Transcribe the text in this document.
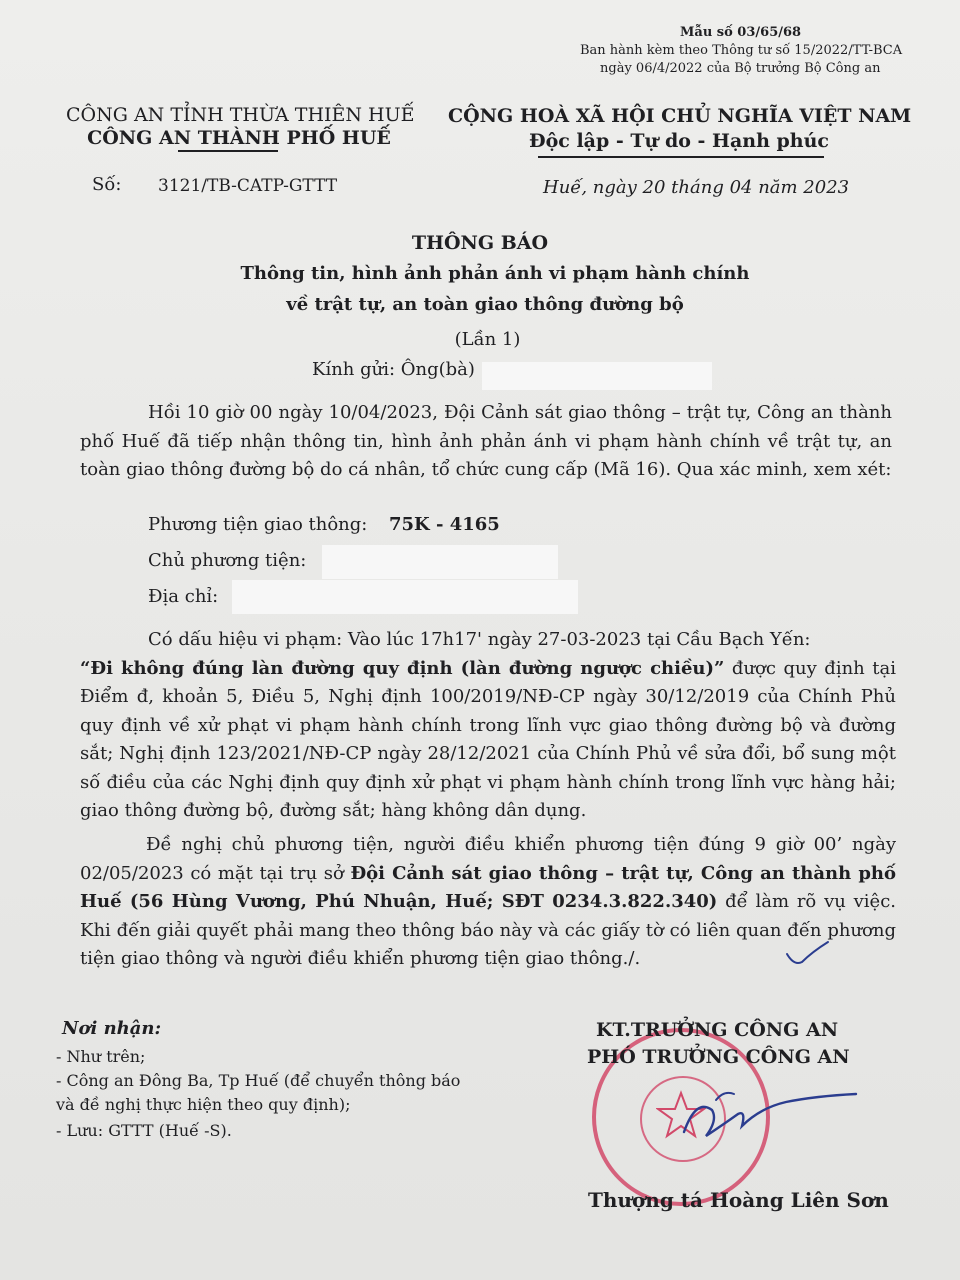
Mẫu số 03/65/68
Ban hành kèm theo Thông tư số 15/2022/TT-BCA
ngày 06/4/2022 của Bộ trưởng Bộ Công an
CÔNG AN TỈNH THỪA THIÊN HUẾ
CÔNG AN THÀNH PHỐ HUẾ
Số: 3121/TB-CATP-GTTT
CỘNG HOÀ XÃ HỘI CHỦ NGHĨA VIỆT NAM
Độc lập - Tự do - Hạnh phúc
Huế, ngày 20 tháng 04 năm 2023
THÔNG BÁO
Thông tin, hình ảnh phản ánh vi phạm hành chính
về trật tự, an toàn giao thông đường bộ
(Lần 1)
Kính gửi: Ông(bà)
Hồi 10 giờ 00 ngày 10/04/2023, Đội Cảnh sát giao thông – trật tự, Công an thành phố Huế đã tiếp nhận thông tin, hình ảnh phản ánh vi phạm hành chính về trật tự, an toàn giao thông đường bộ do cá nhân, tổ chức cung cấp (Mã 16). Qua xác minh, xem xét:
Phương tiện giao thông: 75K - 4165
Chủ phương tiện:
Địa chỉ:
Có dấu hiệu vi phạm: Vào lúc 17h17' ngày 27-03-2023 tại Cầu Bạch Yến:
“Đi không đúng làn đường quy định (làn đường ngược chiều)” được quy định tại Điểm đ, khoản 5, Điều 5, Nghị định 100/2019/NĐ-CP ngày 30/12/2019 của Chính Phủ quy định về xử phạt vi phạm hành chính trong lĩnh vực giao thông đường bộ và đường sắt; Nghị định 123/2021/NĐ-CP ngày 28/12/2021 của Chính Phủ về sửa đổi, bổ sung một số điều của các Nghị định quy định xử phạt vi phạm hành chính trong lĩnh vực hàng hải; giao thông đường bộ, đường sắt; hàng không dân dụng.
Đề nghị chủ phương tiện, người điều khiển phương tiện đúng 9 giờ 00’ ngày 02/05/2023 có mặt tại trụ sở Đội Cảnh sát giao thông – trật tự, Công an thành phố Huế (56 Hùng Vương, Phú Nhuận, Huế; SĐT 0234.3.822.340) để làm rõ vụ việc. Khi đến giải quyết phải mang theo thông báo này và các giấy tờ có liên quan đến phương tiện giao thông và người điều khiển phương tiện giao thông./.
Nơi nhận:
- Như trên;
- Công an Đông Ba, Tp Huế (để chuyển thông báo
và đề nghị thực hiện theo quy định);
- Lưu: GTTT (Huế -S).
KT.TRƯỞNG CÔNG AN
PHÓ TRƯỞNG CÔNG AN
Thượng tá Hoàng Liên Sơn
